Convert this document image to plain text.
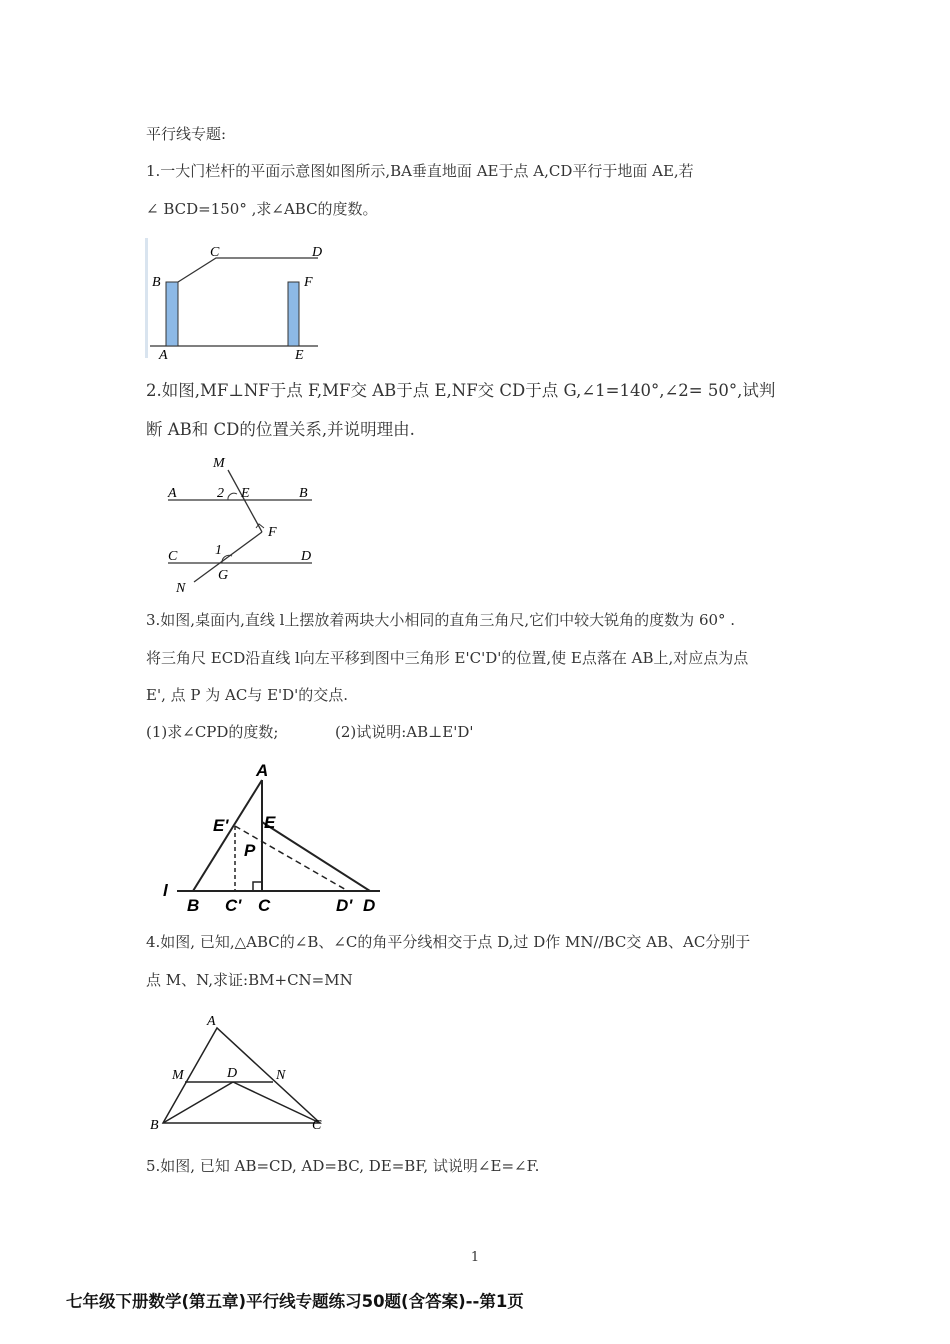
平行线专题:
1.一大门栏杆的平面示意图如图所示,BA垂直地面 AE于点 A,CD平行于地面 AE,若
∠ BCD=150° ,求∠ABC的度数。
B
C	D
F
A	E
2.如图,MF⊥NF于点 F,MF交 AB于点 E,NF交 CD于点 G,∠1=140°,∠2= 50°,试判
断 AB和 CD的位置关系,并说明理由.
M
A	2 E	B
F
C	1	D
G
N
3.如图,桌面内,直线 l上摆放着两块大小相同的直角三角尺,它们中较大锐角的度数为 60° .
将三角尺 ECD沿直线 l向左平移到图中三角形 E'C'D'的位置,使 E点落在 AB上,对应点为点
E', 点 P 为 AC与 E'D'的交点.
(1)求∠CPD的度数;	(2)试说明:AB⊥E'D'
A
E' E
P
l
B C' C	D' D
4.如图, 已知,△ABC的∠B、∠C的角平分线相交于点 D,过 D作 MN//BC交 AB、AC分别于
点 M、N,求证:BM+CN=MN
A
M	D	N
B	C
5.如图, 已知 AB=CD, AD=BC, DE=BF, 试说明∠E=∠F.
1
七年级下册数学(第五章)平行线专题练习50题(含答案)--第1页
